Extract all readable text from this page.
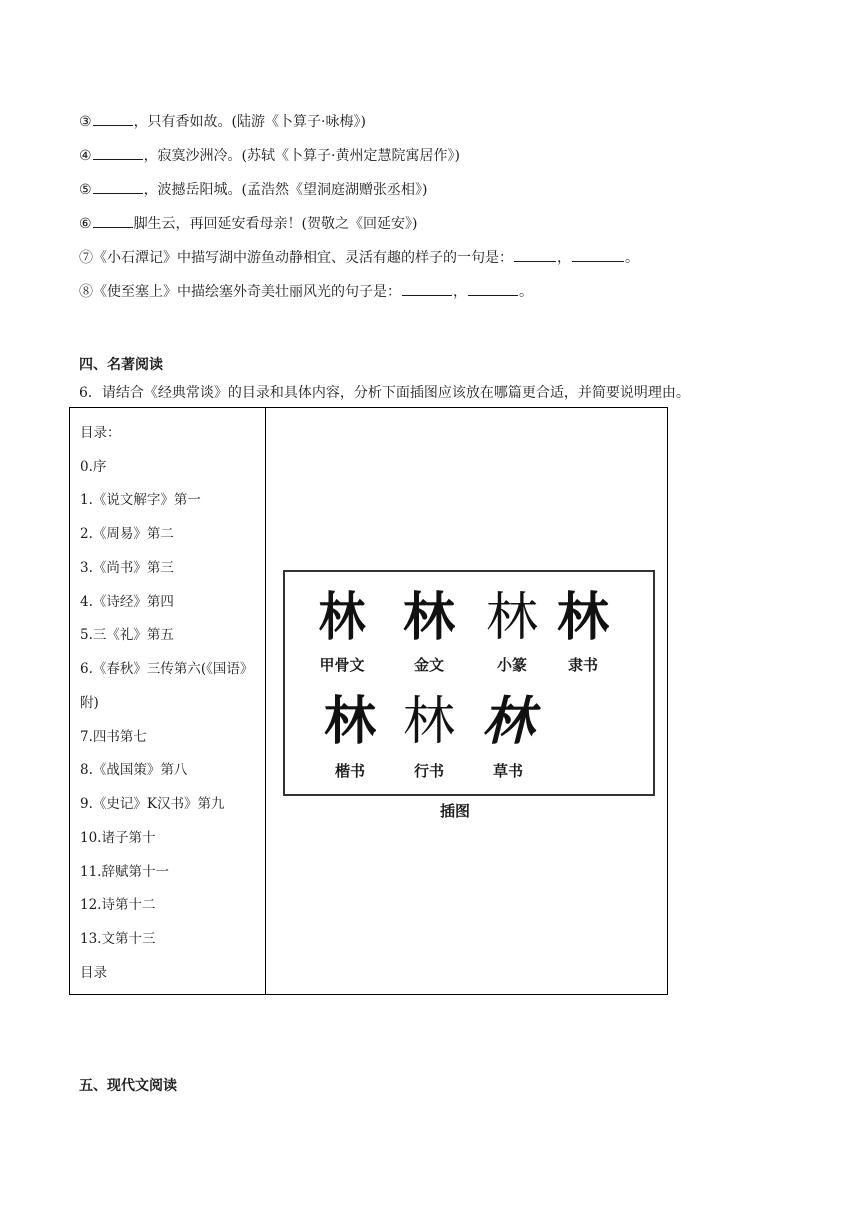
③	，只有香如故。(陆游《卜算子·咏梅》)
④	，寂寞沙洲冷。(苏轼《卜算子·黄州定慧院寓居作》)
⑤	，波撼岳阳城。(孟浩然《望洞庭湖赠张丞相》)
⑥	脚生云，再回延安看母亲！(贺敬之《回延安》)
⑦《小石潭记》中描写湖中游鱼动静相宜、灵活有趣的样子的一句是：	，	。
⑧《使至塞上》中描绘塞外奇美壮丽风光的句子是：	，	。
四、名著阅读
6．请结合《经典常谈》的目录和具体内容，分析下面插图应该放在哪篇更合适，并简要说明理由。
目录：
0.序
1.《说文解字》第一
2.《周易》第二
3.《尚书》第三
4.《诗经》第四
5.三《礼》第五
6.《春秋》三传第六(《国语》
附)
7.四书第七
8.《战国策》第八
9.《史记》K汉书》第九
10.诸子第十
11.辞赋第十一
12.诗第十二
13.文第十三
目录
林
甲骨文
林
金文
林
小篆
林
隶书
林
楷书
林
行书
林
草书
插图
五、现代文阅读
